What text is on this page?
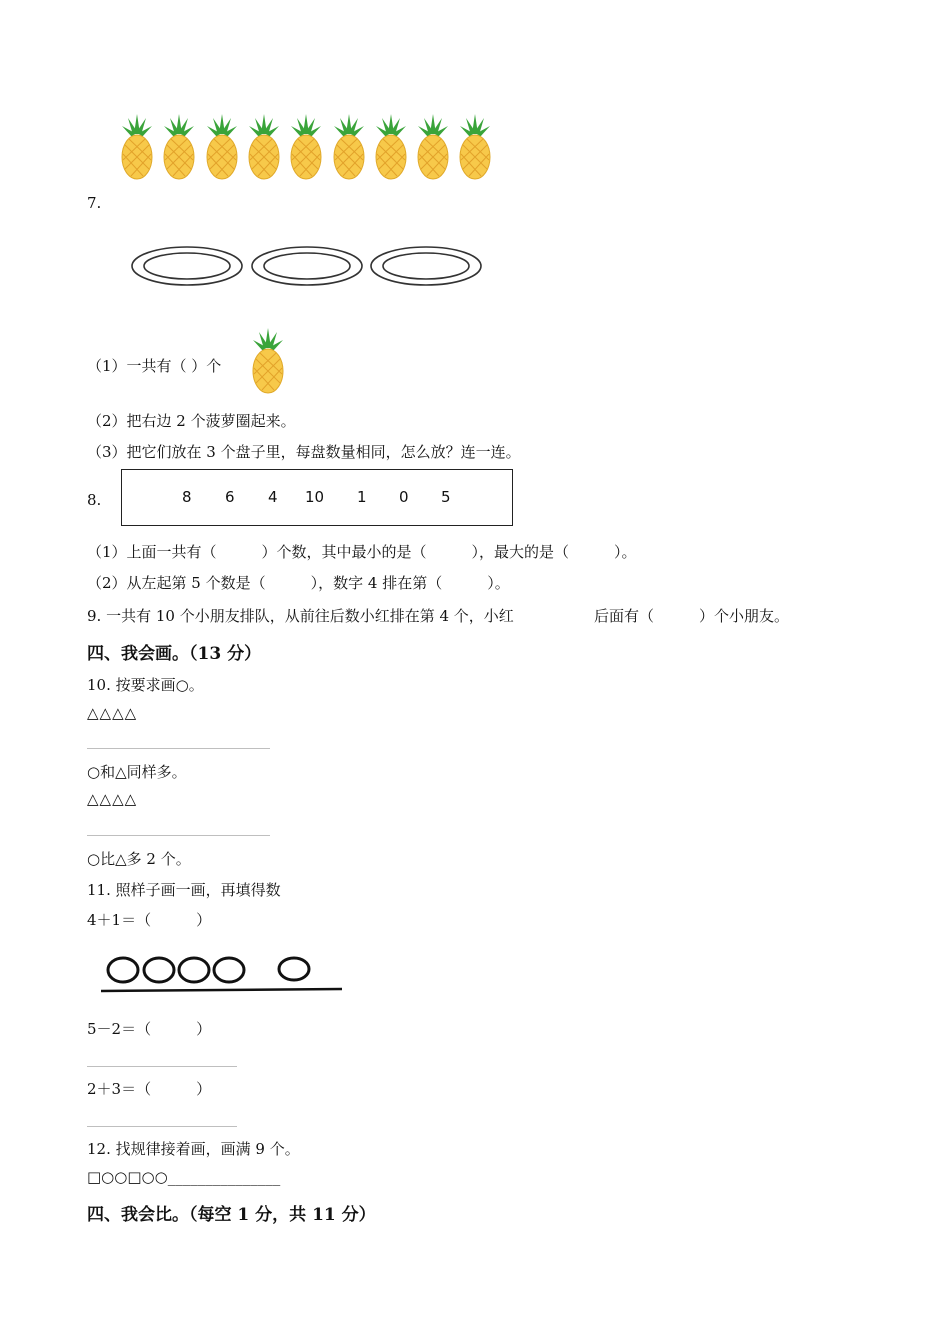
7.
（1）一共有（ ）个
（2）把右边 2 个菠萝圈起来。
（3）把它们放在 3 个盘子里，每盘数量相同，怎么放？连一连。
8.	8 6 4 10 1 0 5
（1）上面一共有（　　　）个数，其中最小的是（　　　），最大的是（　　　）。
（2）从左起第 5 个数是（　　　），数字 4 排在第（　　　）。
9. 一共有 10 个小朋友排队，从前往后数小红排在第 4 个，小红	后面有（　　　）个小朋友。
四、我会画。（13 分）
10. 按要求画○。
△△△△
○和△同样多。
△△△△
○比△多 2 个。
11. 照样子画一画，再填得数
4＋1＝（　　　）
5－2＝（　　　）
2＋3＝（　　　）
12. 找规律接着画，画满 9 个。
□○○□○○_______________
四、我会比。（每空 1 分，共 11 分）
